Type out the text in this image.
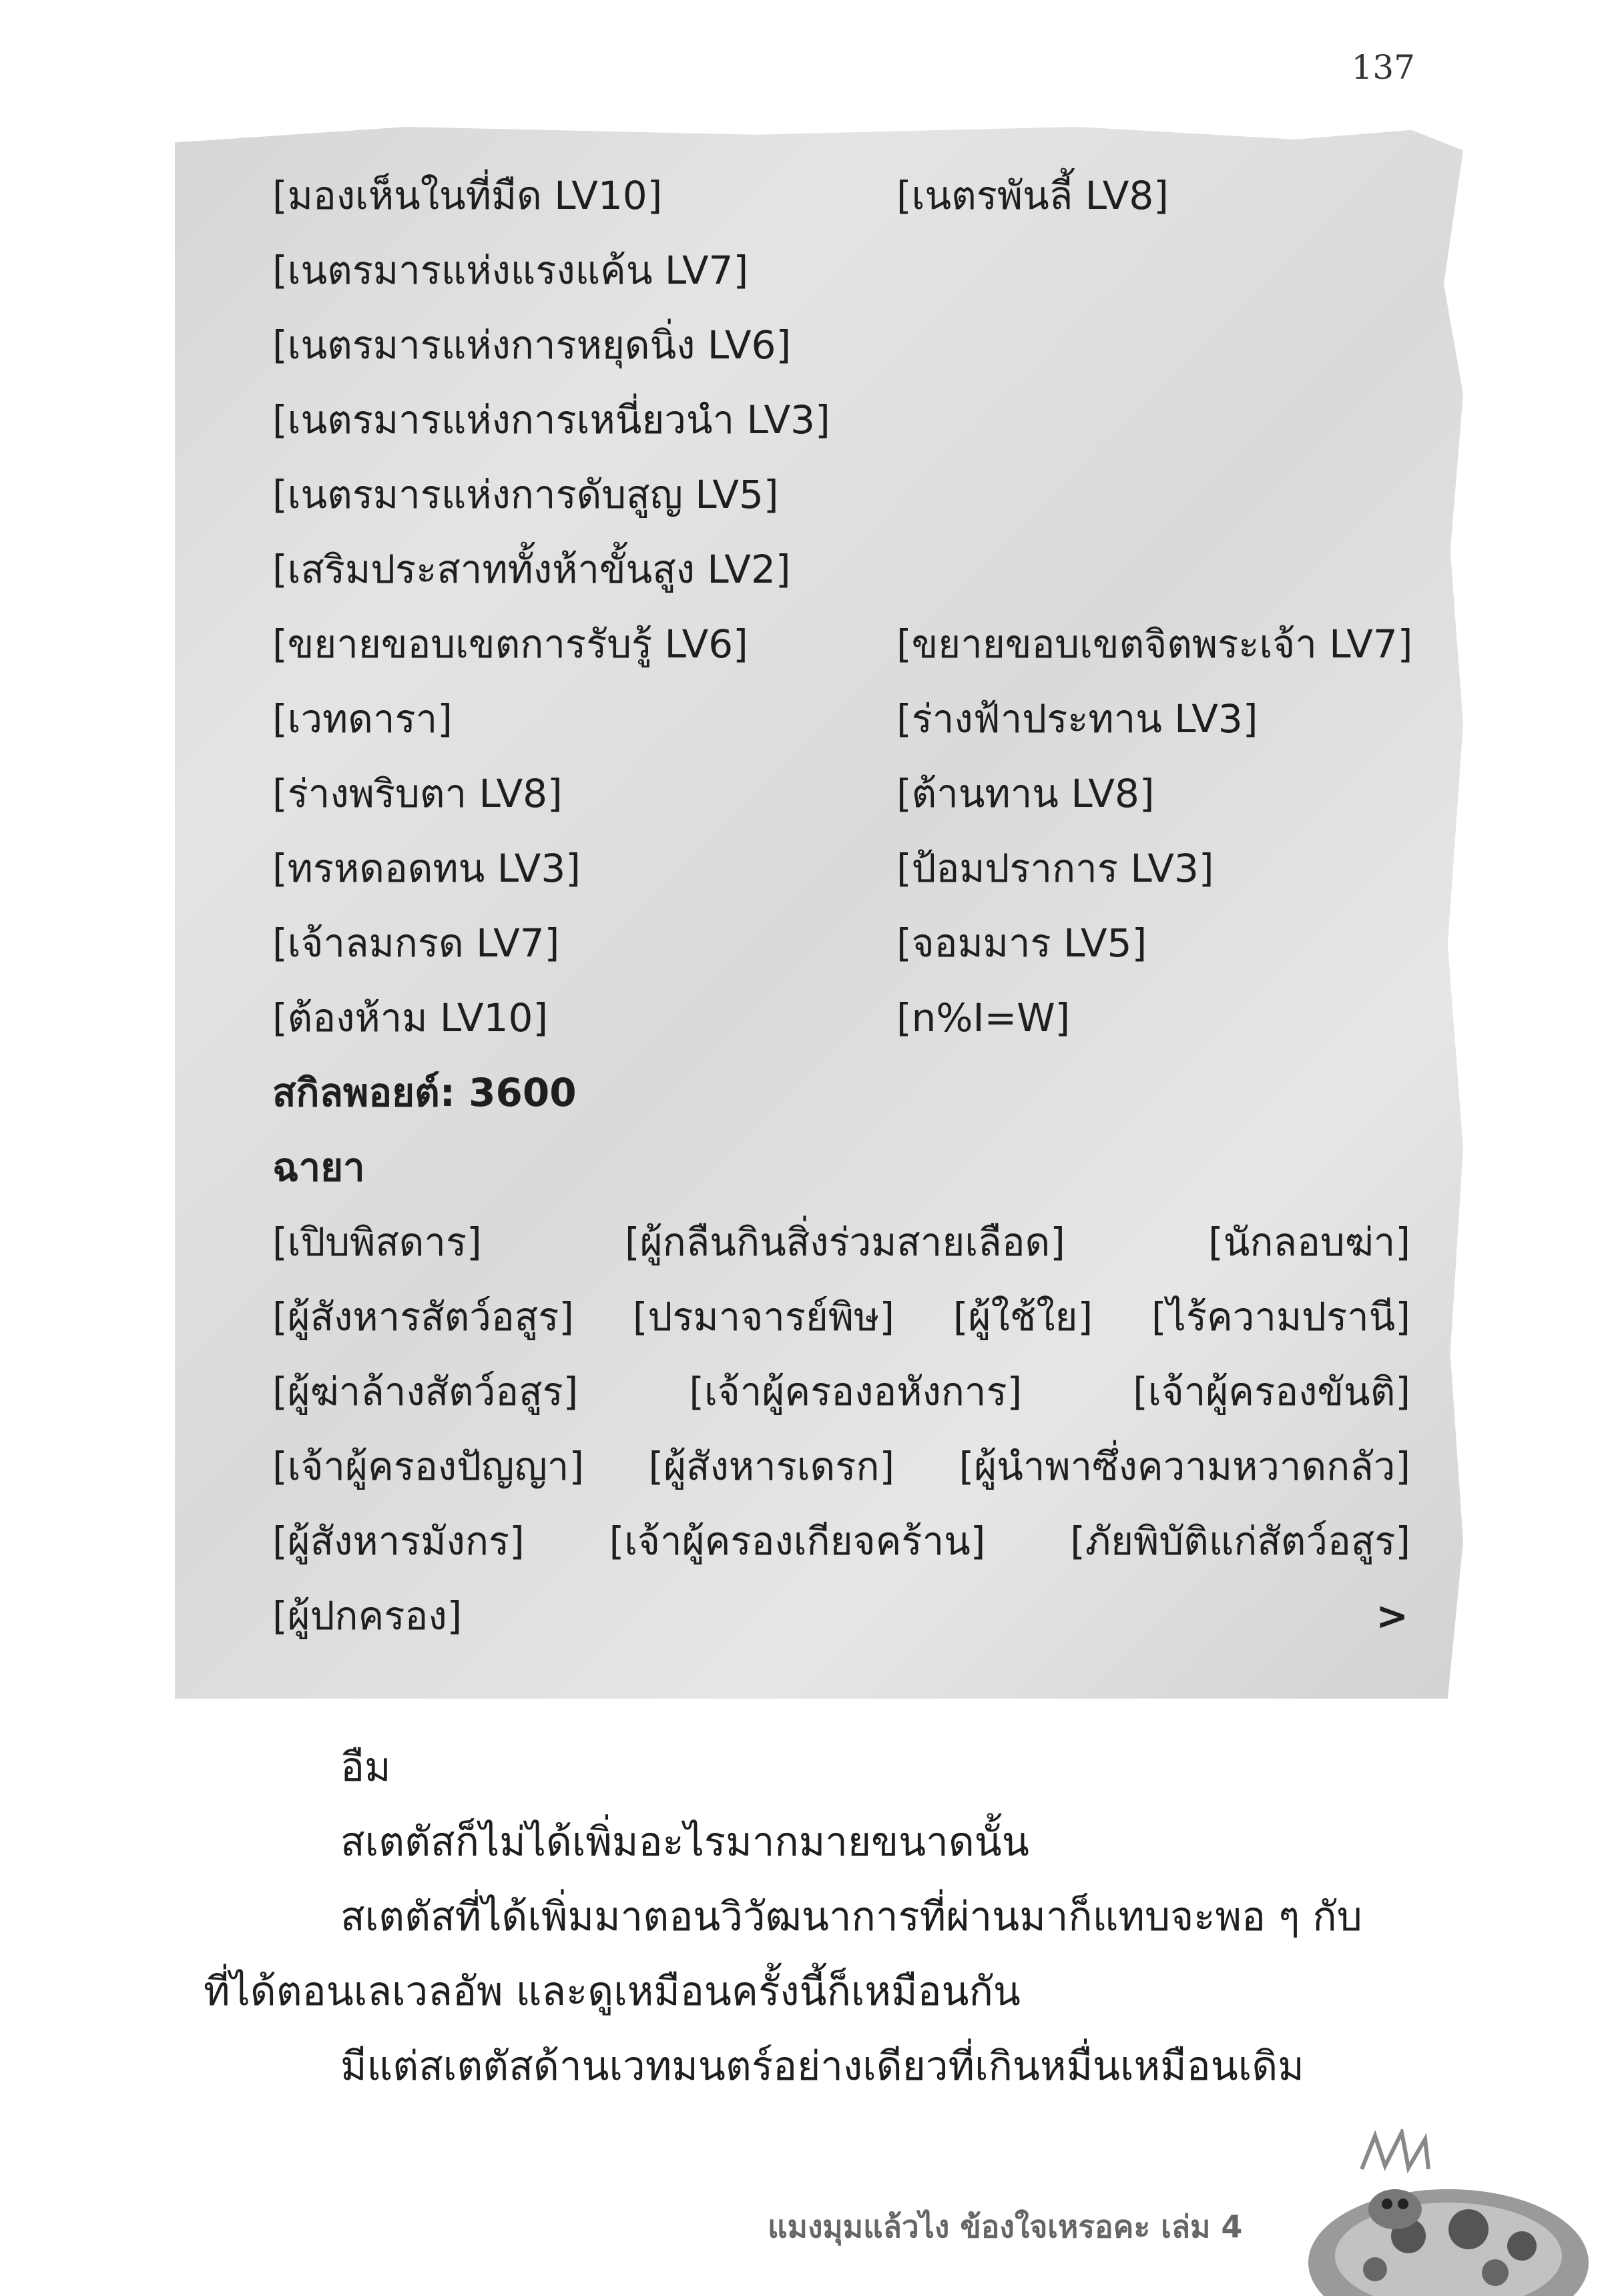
137
[มองเห็นในที่มืด LV10]	[เนตรพันลี้ LV8]
[เนตรมารแห่งแรงแค้น LV7]
[เนตรมารแห่งการหยุดนิ่ง LV6]
[เนตรมารแห่งการเหนี่ยวนำ LV3]
[เนตรมารแห่งการดับสูญ LV5]
[เสริมประสาททั้งห้าขั้นสูง LV2]
[ขยายขอบเขตการรับรู้ LV6]	[ขยายขอบเขตจิตพระเจ้า LV7]
[เวทดารา]	[ร่างฟ้าประทาน LV3]
[ร่างพริบตา LV8]	[ต้านทาน LV8]
[ทรหดอดทน LV3]	[ป้อมปราการ LV3]
[เจ้าลมกรด LV7]	[จอมมาร LV5]
[ต้องห้าม LV10]	[n%I=W]
สกิลพอยต์: 3600
ฉายา
[เปิบพิสดาร]	[ผู้กลืนกินสิ่งร่วมสายเลือด]	[นักลอบฆ่า]
[ผู้สังหารสัตว์อสูร] [ปรมาจารย์พิษ] [ผู้ใช้ใย] [ไร้ความปรานี]
[ผู้ฆ่าล้างสัตว์อสูร]	[เจ้าผู้ครองอหังการ]	[เจ้าผู้ครองขันติ]
[เจ้าผู้ครองปัญญา] [ผู้สังหารเดรก] [ผู้นำพาซึ่งความหวาดกลัว]
[ผู้สังหารมังกร] [เจ้าผู้ครองเกียจคร้าน] [ภัยพิบัติแก่สัตว์อสูร]
[ผู้ปกครอง]	>
อืม
สเตตัสก็ไม่ได้เพิ่มอะไรมากมายขนาดนั้น
สเตตัสที่ได้เพิ่มมาตอนวิวัฒนาการที่ผ่านมาก็แทบจะพอ ๆ กับ
ที่ได้ตอนเลเวลอัพ และดูเหมือนครั้งนี้ก็เหมือนกัน
มีแต่สเตตัสด้านเวทมนตร์อย่างเดียวที่เกินหมื่นเหมือนเดิม
แมงมุมแล้วไง ข้องใจเหรอคะ เล่ม 4
